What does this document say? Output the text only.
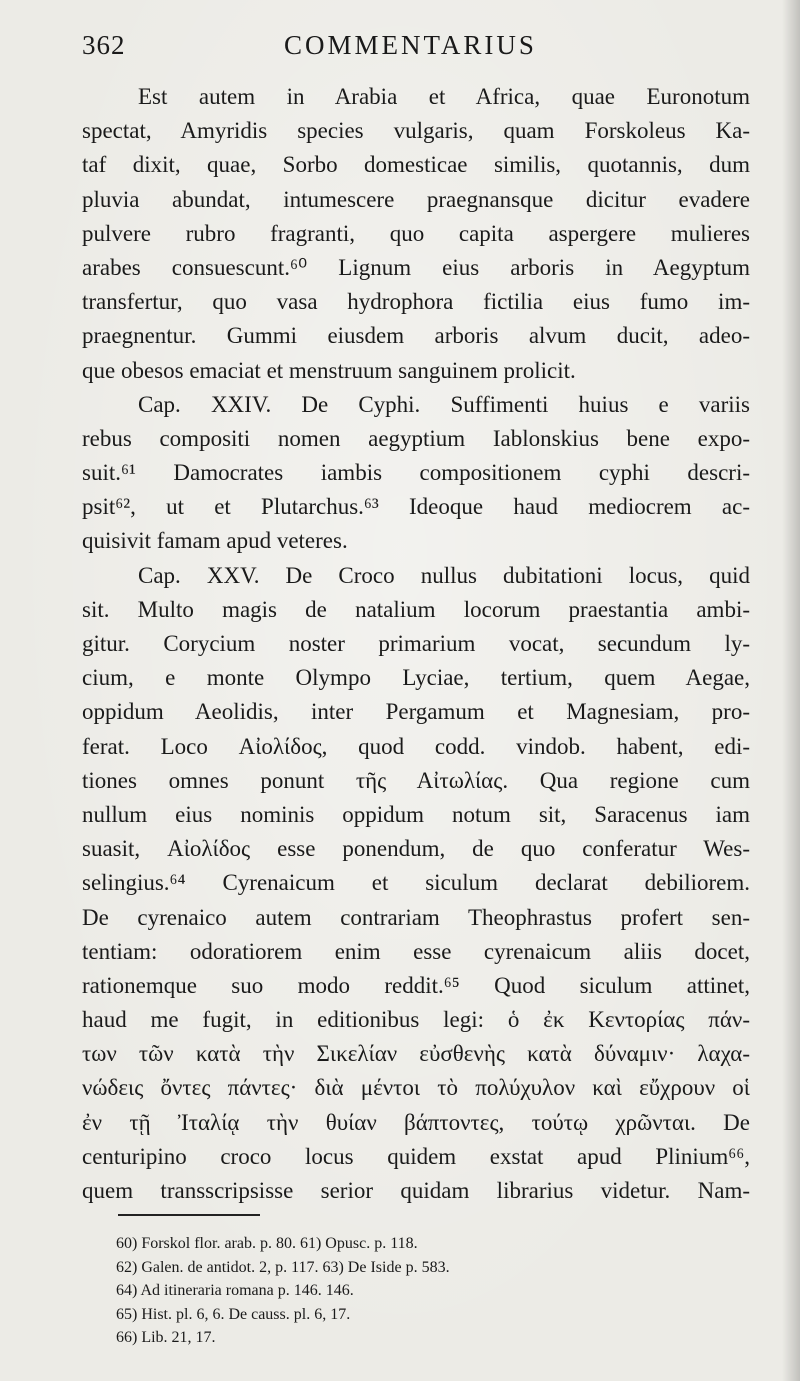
362	COMMENTARIUS
Est autem in Arabia et Africa, quae Euronotum
spectat, Amyridis species vulgaris, quam Forskoleus Ka-
taf dixit, quae, Sorbo domesticae similis, quotannis, dum
pluvia abundat, intumescere praegnansque dicitur evadere
pulvere rubro fragranti, quo capita aspergere mulieres
arabes consuescunt.⁶⁰ Lignum eius arboris in Aegyptum
transfertur, quo vasa hydrophora fictilia eius fumo im-
praegnentur. Gummi eiusdem arboris alvum ducit, adeo-
que obesos emaciat et menstruum sanguinem prolicit.
Cap. XXIV. De Cyphi. Suffimenti huius e variis
rebus compositi nomen aegyptium Iablonskius bene expo-
suit.⁶¹ Damocrates iambis compositionem cyphi descri-
psit⁶², ut et Plutarchus.⁶³ Ideoque haud mediocrem ac-
quisivit famam apud veteres.
Cap. XXV. De Croco nullus dubitationi locus, quid
sit. Multo magis de natalium locorum praestantia ambi-
gitur. Corycium noster primarium vocat, secundum ly-
cium, e monte Olympo Lyciae, tertium, quem Aegae,
oppidum Aeolidis, inter Pergamum et Magnesiam, pro-
ferat. Loco Αἰολίδος, quod codd. vindob. habent, edi-
tiones omnes ponunt τῆς Αἰτωλίας. Qua regione cum
nullum eius nominis oppidum notum sit, Saracenus iam
suasit, Αἰολίδος esse ponendum, de quo conferatur Wes-
selingius.⁶⁴ Cyrenaicum et siculum declarat debiliorem.
De cyrenaico autem contrariam Theophrastus profert sen-
tentiam: odoratiorem enim esse cyrenaicum aliis docet,
rationemque suo modo reddit.⁶⁵ Quod siculum attinet,
haud me fugit, in editionibus legi: ὁ ἐκ Κεντορίας πάν-
των τῶν κατὰ τὴν Σικελίαν εὐσθενὴς κατὰ δύναμιν· λαχα-
νώδεις ὄντες πάντες· διὰ μέντοι τὸ πολύχυλον καὶ εὔχρουν οἱ
ἐν τῇ Ἰταλίᾳ τὴν θυίαν βάπτοντες, τούτῳ χρῶνται. De
centuripino croco locus quidem exstat apud Plinium⁶⁶,
quem transscripsisse serior quidam librarius videtur. Nam-
60) Forskol flor. arab. p. 80. 61) Opusc. p. 118.
62) Galen. de antidot. 2, p. 117. 63) De Iside p. 583.
64) Ad itineraria romana p. 146. 146.
65) Hist. pl. 6, 6. De causs. pl. 6, 17.
66) Lib. 21, 17.
